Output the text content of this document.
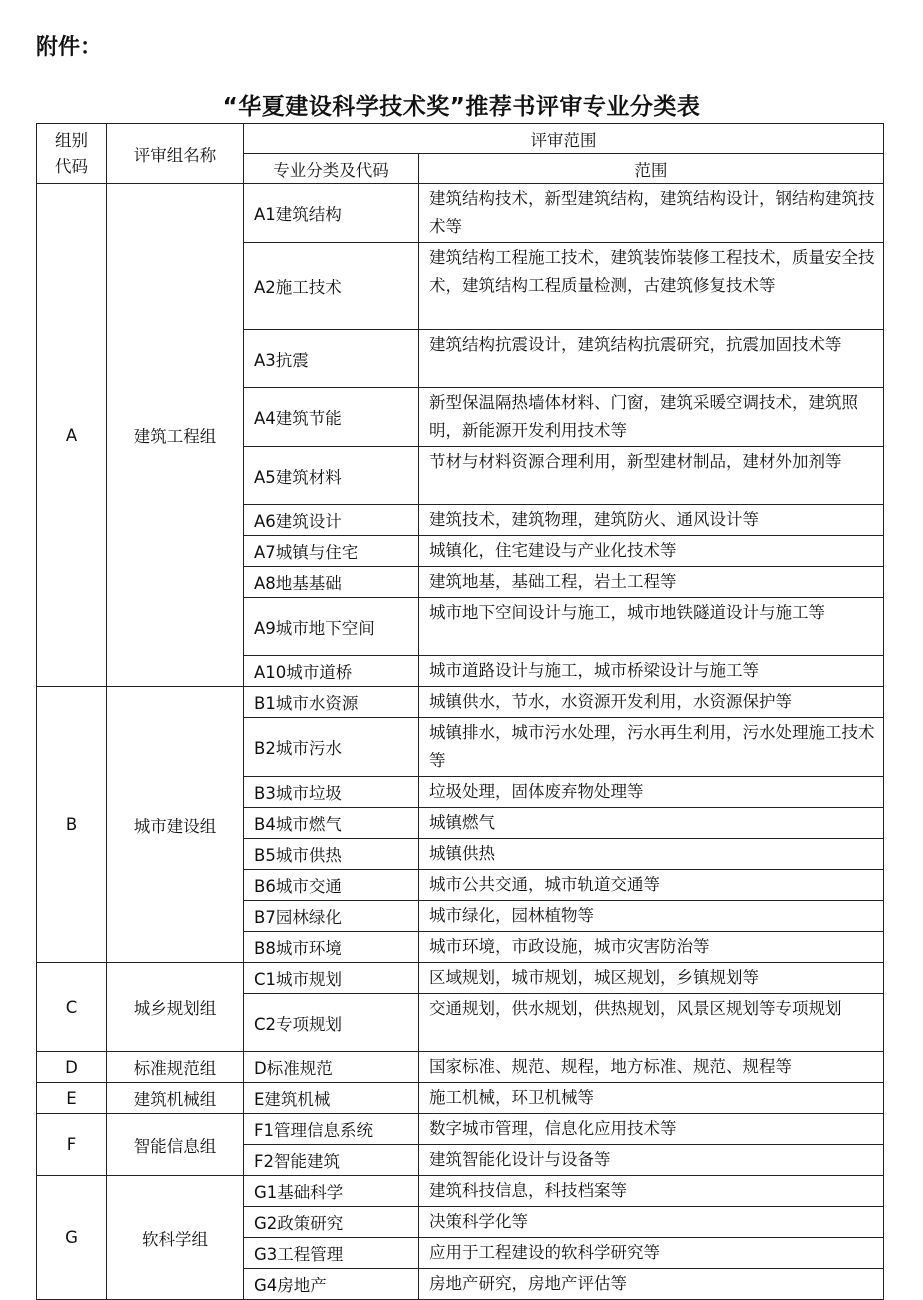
附件：
“华夏建设科学技术奖”推荐书评审专业分类表
组别
代码	评审组名称	评审范围	
		专业分类及代码	范围
A	建筑工程组	A1建筑结构	建筑结构技术，新型建筑结构，建筑结构设计，钢结构建筑技术等
		A2施工技术	建筑结构工程施工技术，建筑装饰装修工程技术，质量安全技术，建筑结构工程质量检测，古建筑修复技术等
		A3抗震	建筑结构抗震设计，建筑结构抗震研究，抗震加固技术等
		A4建筑节能	新型保温隔热墙体材料、门窗，建筑采暖空调技术，建筑照明，新能源开发利用技术等
		A5建筑材料	节材与材料资源合理利用，新型建材制品，建材外加剂等
		A6建筑设计	建筑技术，建筑物理，建筑防火、通风设计等
		A7城镇与住宅	城镇化，住宅建设与产业化技术等
		A8地基基础	建筑地基，基础工程，岩土工程等
		A9城市地下空间	城市地下空间设计与施工，城市地铁隧道设计与施工等
		A10城市道桥	城市道路设计与施工，城市桥梁设计与施工等
B	城市建设组	B1城市水资源	城镇供水，节水，水资源开发利用，水资源保护等
		B2城市污水	城镇排水，城市污水处理，污水再生利用，污水处理施工技术等
		B3城市垃圾	垃圾处理，固体废弃物处理等
		B4城市燃气	城镇燃气
		B5城市供热	城镇供热
		B6城市交通	城市公共交通，城市轨道交通等
		B7园林绿化	城市绿化，园林植物等
		B8城市环境	城市环境，市政设施，城市灾害防治等
C	城乡规划组	C1城市规划	区域规划，城市规划，城区规划，乡镇规划等
		C2专项规划	交通规划，供水规划，供热规划，风景区规划等专项规划
D	标准规范组	D标准规范	国家标准、规范、规程，地方标准、规范、规程等
E	建筑机械组	E建筑机械	施工机械，环卫机械等
F	智能信息组	F1管理信息系统	数字城市管理，信息化应用技术等
		F2智能建筑	建筑智能化设计与设备等
G	软科学组	G1基础科学	建筑科技信息，科技档案等
		G2政策研究	决策科学化等
		G3工程管理	应用于工程建设的软科学研究等
		G4房地产	房地产研究，房地产评估等
